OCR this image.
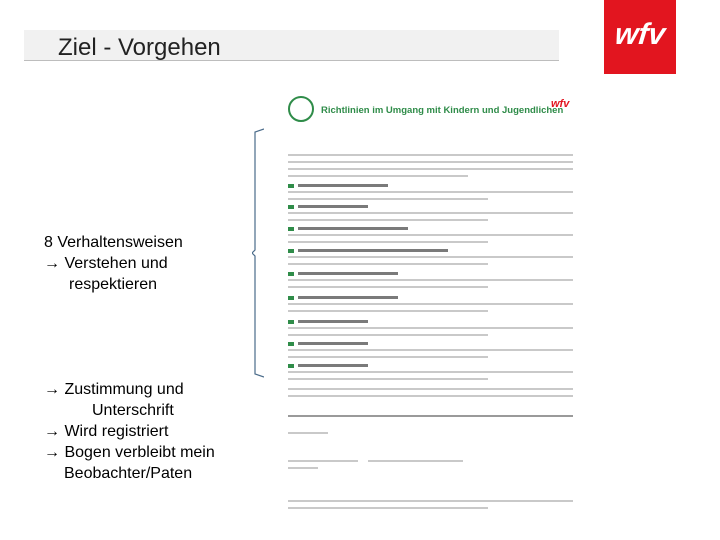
Ziel - Vorgehen	wfv
8 Verhaltensweisen
→ Verstehen und
respektieren
→ Zustimmung und
Unterschrift
→ Wird registriert
→ Bogen verbleibt mein
Beobachter/Paten
Richtlinien im Umgang mit Kindern und Jugendlichen
wfv
